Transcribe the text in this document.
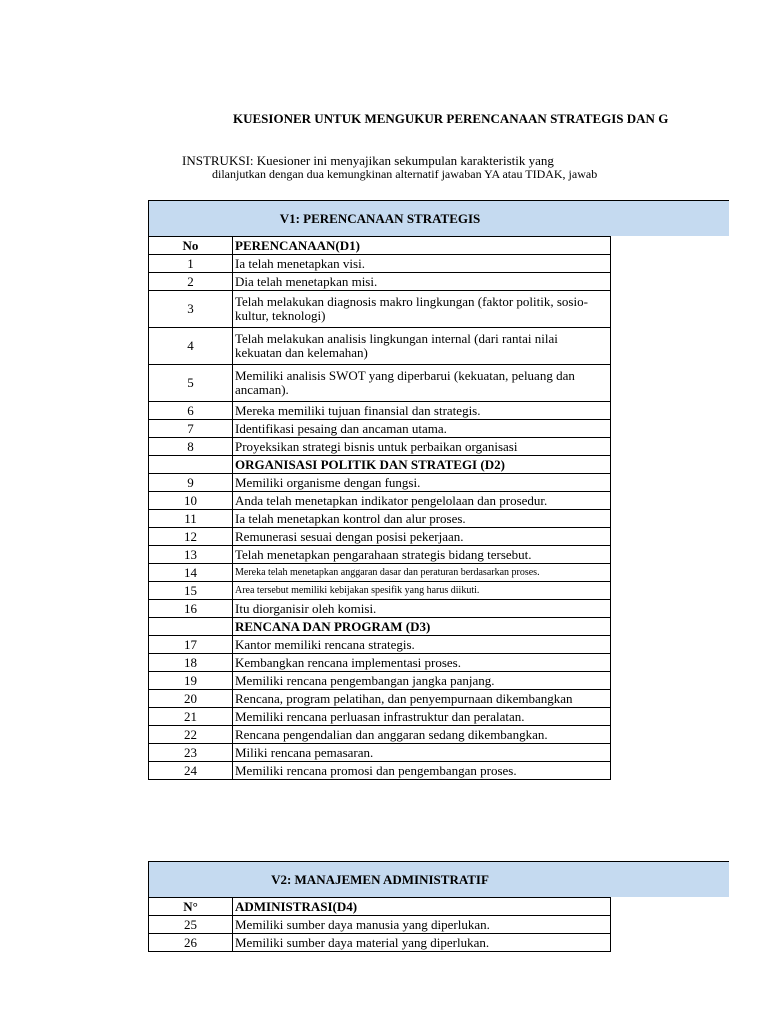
KUESIONER UNTUK MENGUKUR PERENCANAAN STRATEGIS DAN G
INSTRUKSI: Kuesioner ini menyajikan sekumpulan karakteristik yang
dilanjutkan dengan dua kemungkinan alternatif jawaban YA atau TIDAK, jawab
V1: PERENCANAAN STRATEGIS
No	PERENCANAAN(D1)
1	Ia telah menetapkan visi.
2	Dia telah menetapkan misi.
3	Telah melakukan diagnosis makro lingkungan (faktor politik, sosio-kultur, teknologi)
4	Telah melakukan analisis lingkungan internal (dari rantai nilai kekuatan dan kelemahan)
5	Memiliki analisis SWOT yang diperbarui (kekuatan, peluang dan ancaman).
6	Mereka memiliki tujuan finansial dan strategis.
7	Identifikasi pesaing dan ancaman utama.
8	Proyeksikan strategi bisnis untuk perbaikan organisasi
	ORGANISASI POLITIK DAN STRATEGI (D2)
9	Memiliki organisme dengan fungsi.
10	Anda telah menetapkan indikator pengelolaan dan prosedur.
11	Ia telah menetapkan kontrol dan alur proses.
12	Remunerasi sesuai dengan posisi pekerjaan.
13	Telah menetapkan pengarahaan strategis bidang tersebut.
14	Mereka telah menetapkan anggaran dasar dan peraturan berdasarkan proses.
15	Area tersebut memiliki kebijakan spesifik yang harus diikuti.
16	Itu diorganisir oleh komisi.
	RENCANA DAN PROGRAM (D3)
17	Kantor memiliki rencana strategis.
18	Kembangkan rencana implementasi proses.
19	Memiliki rencana pengembangan jangka panjang.
20	Rencana, program pelatihan, dan penyempurnaan dikembangkan
21	Memiliki rencana perluasan infrastruktur dan peralatan.
22	Rencana pengendalian dan anggaran sedang dikembangkan.
23	Miliki rencana pemasaran.
24	Memiliki rencana promosi dan pengembangan proses.
V2: MANAJEMEN ADMINISTRATIF
N°	ADMINISTRASI(D4)
25	Memiliki sumber daya manusia yang diperlukan.
26	Memiliki sumber daya material yang diperlukan.
